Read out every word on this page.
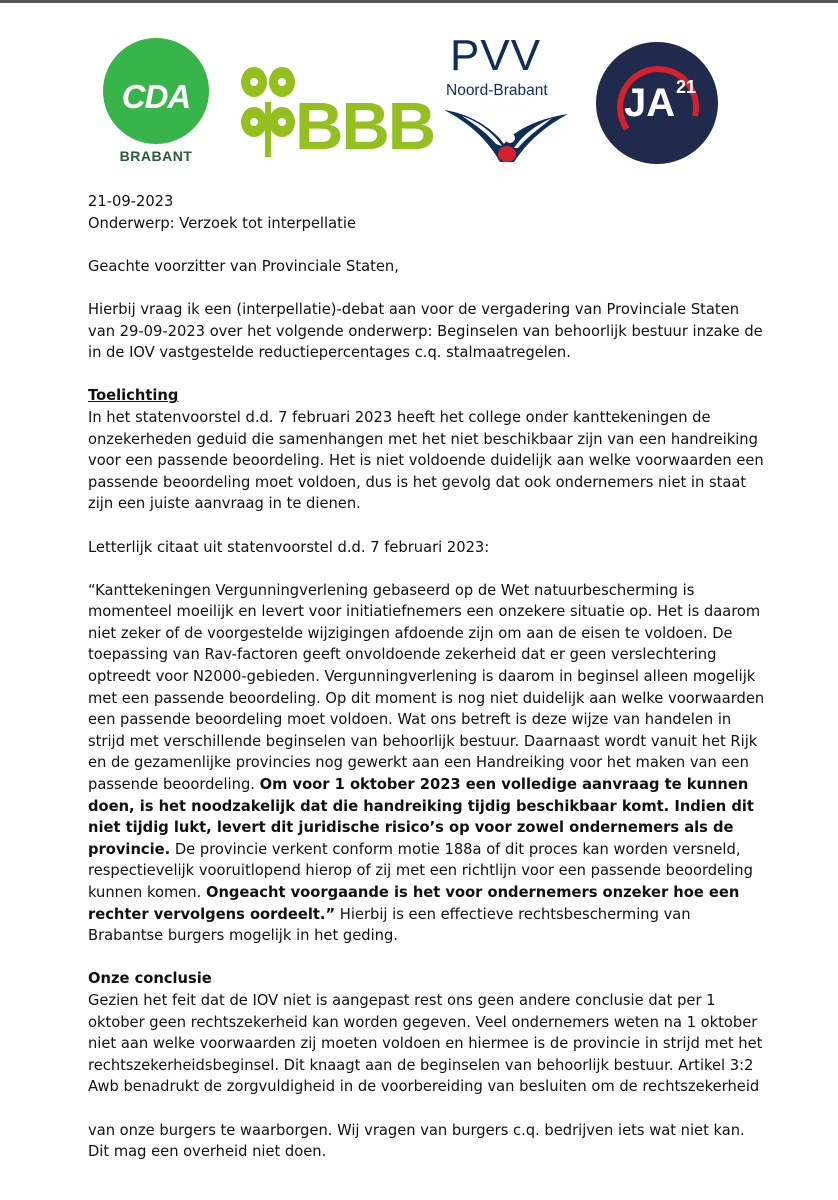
CDA
BRABANT BBB
PVV
Noord-Brabant JA 21

21-09-2023

Onderwerp: Verzoek tot interpellatie

Geachte voorzitter van Provinciale Staten,

Hierbij vraag ik een (interpellatie)-debat aan voor de vergadering van Provinciale Staten van 29-09-2023 over het volgende onderwerp: Beginselen van behoorlijk bestuur inzake de in de IOV vastgestelde reductiepercentages c.q. stalmaatregelen.

Toelichting

In het statenvoorstel d.d. 7 februari 2023 heeft het college onder kanttekeningen de onzekerheden geduid die samenhangen met het niet beschikbaar zijn van een handreiking voor een passende beoordeling. Het is niet voldoende duidelijk aan welke voorwaarden een passende beoordeling moet voldoen, dus is het gevolg dat ook ondernemers niet in staat zijn een juiste aanvraag in te dienen.

Letterlijk citaat uit statenvoorstel d.d. 7 februari 2023:

“Kanttekeningen Vergunningverlening gebaseerd op de Wet natuurbescherming is momenteel moeilijk en levert voor initiatiefnemers een onzekere situatie op. Het is daarom niet zeker of de voorgestelde wijzigingen afdoende zijn om aan de eisen te voldoen. De toepassing van Rav-factoren geeft onvoldoende zekerheid dat er geen verslechtering optreedt voor N2000-gebieden. Vergunningverlening is daarom in beginsel alleen mogelijk met een passende beoordeling. Op dit moment is nog niet duidelijk aan welke voorwaarden een passende beoordeling moet voldoen. Wat ons betreft is deze wijze van handelen in strijd met verschillende beginselen van behoorlijk bestuur. Daarnaast wordt vanuit het Rijk en de gezamenlijke provincies nog gewerkt aan een Handreiking voor het maken van een passende beoordeling. Om voor 1 oktober 2023 een volledige aanvraag te kunnen doen, is het noodzakelijk dat die handreiking tijdig beschikbaar komt. Indien dit niet tijdig lukt, levert dit juridische risico’s op voor zowel ondernemers als de provincie. De provincie verkent conform motie 188a of dit proces kan worden versneld, respectievelijk vooruitlopend hierop of zij met een richtlijn voor een passende beoordeling kunnen komen. Ongeacht voorgaande is het voor ondernemers onzeker hoe een rechter vervolgens oordeelt.” Hierbij is een effectieve rechtsbescherming van Brabantse burgers mogelijk in het geding.

Onze conclusie

Gezien het feit dat de IOV niet is aangepast rest ons geen andere conclusie dat per 1 oktober geen rechtszekerheid kan worden gegeven. Veel ondernemers weten na 1 oktober niet aan welke voorwaarden zij moeten voldoen en hiermee is de provincie in strijd met het rechtszekerheidsbeginsel. Dit knaagt aan de beginselen van behoorlijk bestuur. Artikel 3:2 Awb benadrukt de zorgvuldigheid in de voorbereiding van besluiten om de rechtszekerheid

van onze burgers te waarborgen. Wij vragen van burgers c.q. bedrijven iets wat niet kan. Dit mag een overheid niet doen.
